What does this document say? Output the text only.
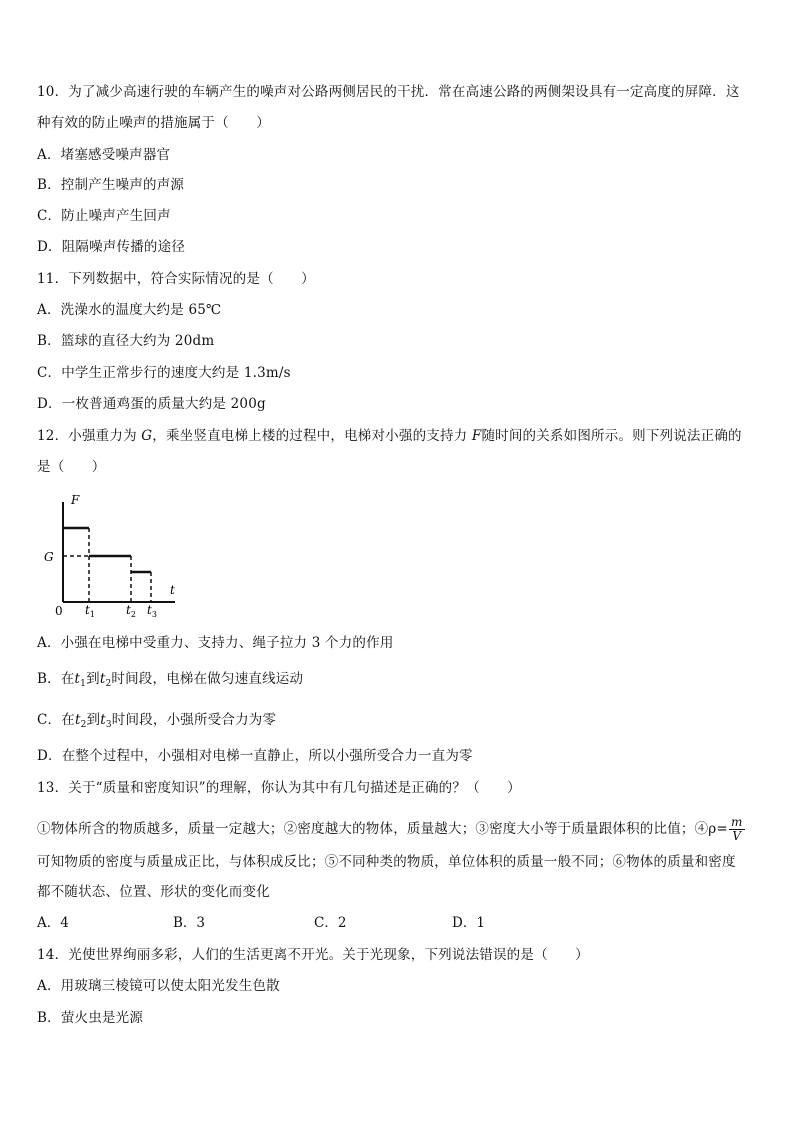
10．为了减少高速行驶的车辆产生的噪声对公路两侧居民的干扰．常在高速公路的两侧架设具有一定高度的屏障．这
种有效的防止噪声的措施属于（　　）
A．堵塞感受噪声器官
B．控制产生噪声的声源
C．防止噪声产生回声
D．阻隔噪声传播的途径
11．下列数据中，符合实际情况的是（　　）
A．洗澡水的温度大约是 65℃
B．篮球的直径大约为 20dm
C．中学生正常步行的速度大约是 1.3m/s
D．一枚普通鸡蛋的质量大约是 200g
12．小强重力为 G，乘坐竖直电梯上楼的过程中，电梯对小强的支持力 F随时间的关系如图所示。则下列说法正确的
是（　　）
F
G
t
0 $t_1$	$t_2$ $t_3$
A．小强在电梯中受重力、支持力、绳子拉力 3 个力的作用
B．在$t_1$到$t_2$时间段，电梯在做匀速直线运动
C．在$t_2$到$t_3$时间段，小强所受合力为零
D．在整个过程中，小强相对电梯一直静止，所以小强所受合力一直为零
13．关于“质量和密度知识”的理解，你认为其中有几句描述是正确的？（　　）
①物体所含的物质越多，质量一定越大；②密度越大的物体，质量越大；③密度大小等于质量跟体积的比值；④ρ= $\frac{m}{V}$
可知物质的密度与质量成正比，与体积成反比；⑤不同种类的物质，单位体积的质量一般不同；⑥物体的质量和密度
都不随状态、位置、形状的变化而变化
A．4	B．3	C．2	D．1
14．光使世界绚丽多彩，人们的生活更离不开光。关于光现象，下列说法错误的是（　　）
A．用玻璃三棱镜可以使太阳光发生色散
B．萤火虫是光源
